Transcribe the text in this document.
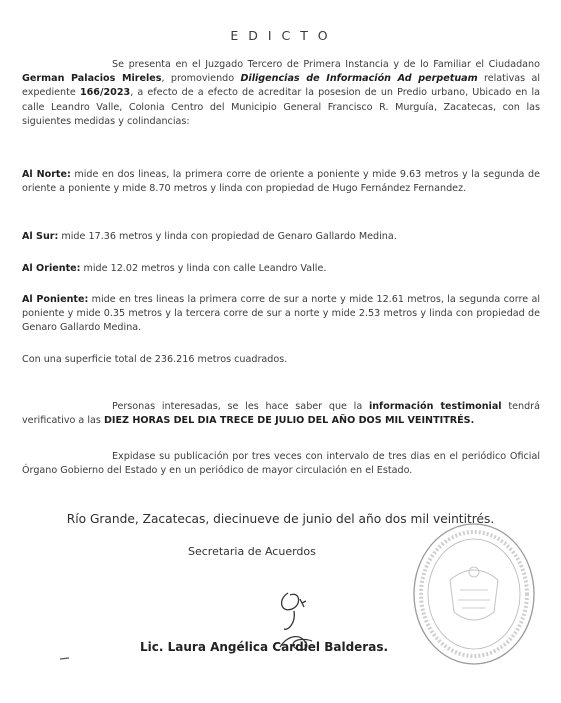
E D I C T O

Se presenta en el Juzgado Tercero de Primera Instancia y de lo Familiar el Ciudadano German Palacios Mireles, promoviendo Diligencias de Información Ad perpetuam relativas al expediente 166/2023, a efecto de a efecto de acreditar la posesion de un Predio urbano, Ubicado en la calle Leandro Valle, Colonia Centro del Municipio General Francisco R. Murguía, Zacatecas, con las siguientes medidas y colindancias:

Al Norte: mide en dos lineas, la primera corre de oriente a poniente y mide 9.63 metros y la segunda de oriente a poniente y mide 8.70 metros y linda con propiedad de Hugo Fernández Fernandez.

Al Sur: mide 17.36 metros y linda con propiedad de Genaro Gallardo Medina.

Al Oriente: mide 12.02 metros y linda con calle Leandro Valle.

Al Poniente: mide en tres lineas la primera corre de sur a norte y mide 12.61 metros, la segunda corre al poniente y mide 0.35 metros y la tercera corre de sur a norte y mide 2.53 metros y linda con propiedad de Genaro Gallardo Medina.

Con una superficie total de 236.216 metros cuadrados.

Personas interesadas, se les hace saber que la información testimonial tendrá verificativo a las DIEZ HORAS DEL DIA TRECE DE JULIO DEL AÑO DOS MIL VEINTITRÉS.

Expidase su publicación por tres veces con intervalo de tres dias en el periódico Oficial Órgano Gobierno del Estado y en un periódico de mayor circulación en el Estado.

Río Grande, Zacatecas, diecinueve de junio del año dos mil veintitrés.
Secretaria de Acuerdos
Lic. Laura Angélica Cardiel Balderas.
